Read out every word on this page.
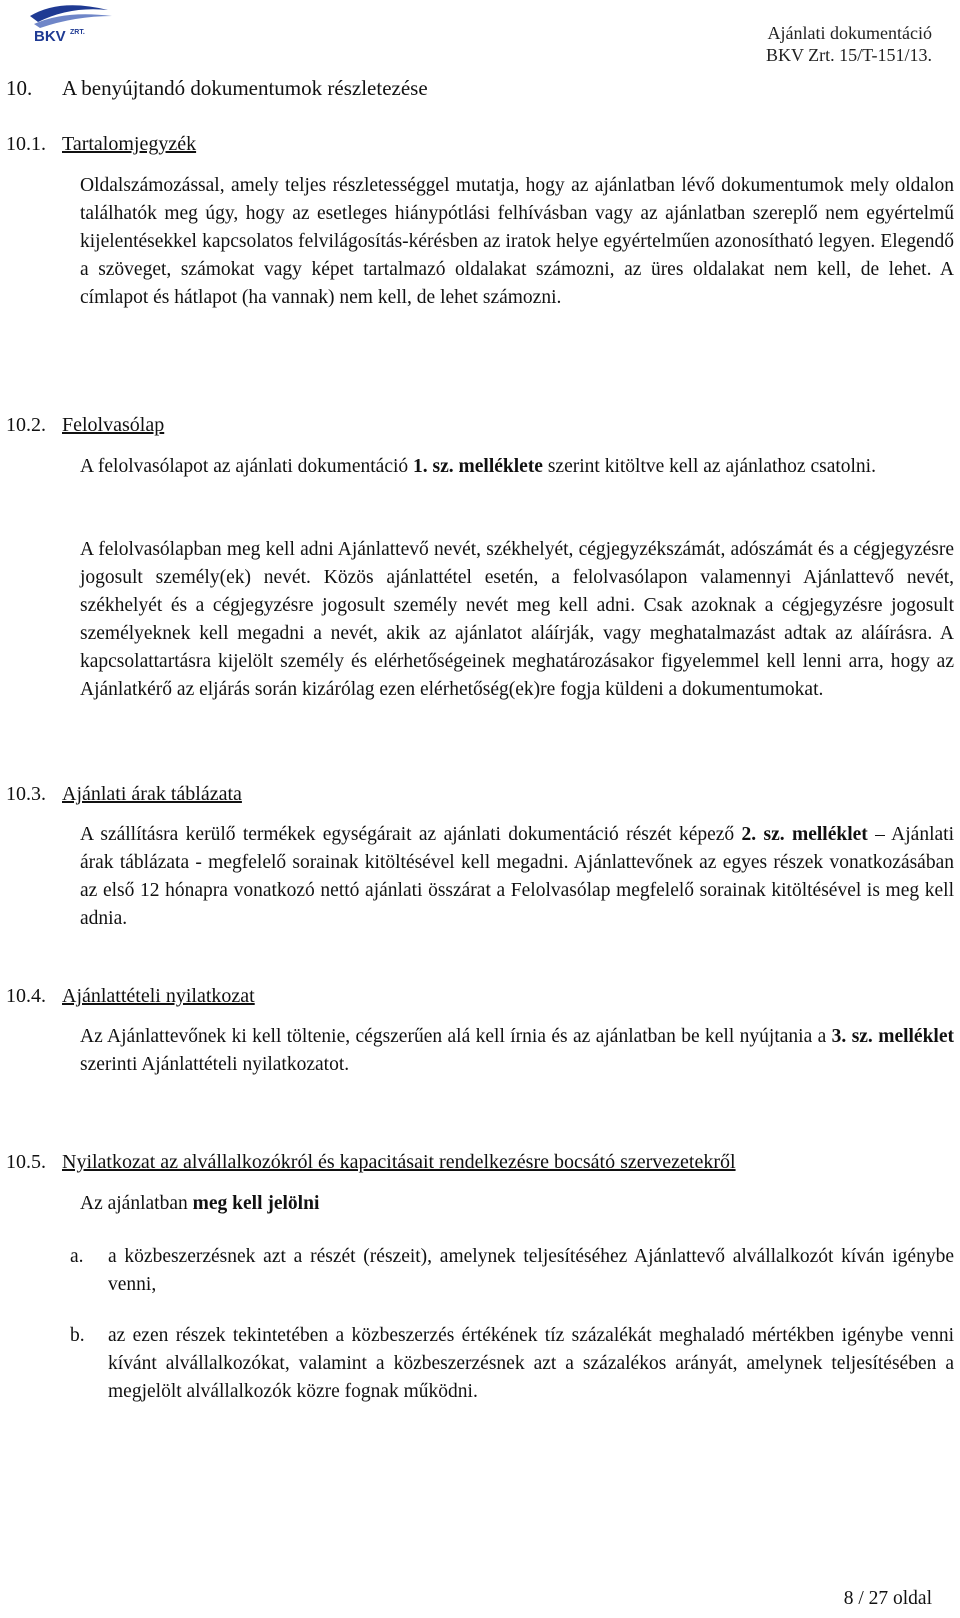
BKV ZRT.	Ajánlati dokumentáció
BKV Zrt. 15/T-151/13.
10. A benyújtandó dokumentumok részletezése
10.1. Tartalomjegyzék

Oldalszámozással, amely teljes részletességgel mutatja, hogy az ajánlatban lévő dokumentumok mely oldalon találhatók meg úgy, hogy az esetleges hiánypótlási felhívásban vagy az ajánlatban szereplő nem egyértelmű kijelentésekkel kapcsolatos felvilágosítás-kérésben az iratok helye egyértelműen azonosítható legyen. Elegendő a szöveget, számokat vagy képet tartalmazó oldalakat számozni, az üres oldalakat nem kell, de lehet. A címlapot és hátlapot (ha vannak) nem kell, de lehet számozni.

10.2. Felolvasólap

A felolvasólapot az ajánlati dokumentáció 1. sz. melléklete szerint kitöltve kell az ajánlathoz csatolni.

A felolvasólapban meg kell adni Ajánlattevő nevét, székhelyét, cégjegyzékszámát, adószámát és a cégjegyzésre jogosult személy(ek) nevét. Közös ajánlattétel esetén, a felolvasólapon valamennyi Ajánlattevő nevét, székhelyét és a cégjegyzésre jogosult személy nevét meg kell adni. Csak azoknak a cégjegyzésre jogosult személyeknek kell megadni a nevét, akik az ajánlatot aláírják, vagy meghatalmazást adtak az aláírásra. A kapcsolattartásra kijelölt személy és elérhetőségeinek meghatározásakor figyelemmel kell lenni arra, hogy az Ajánlatkérő az eljárás során kizárólag ezen elérhetőség(ek)re fogja küldeni a dokumentumokat.

10.3. Ajánlati árak táblázata

A szállításra kerülő termékek egységárait az ajánlati dokumentáció részét képező 2. sz. melléklet – Ajánlati árak táblázata - megfelelő sorainak kitöltésével kell megadni. Ajánlattevőnek az egyes részek vonatkozásában az első 12 hónapra vonatkozó nettó ajánlati összárat a Felolvasólap megfelelő sorainak kitöltésével is meg kell adnia.

10.4. Ajánlattételi nyilatkozat

Az Ajánlattevőnek ki kell töltenie, cégszerűen alá kell írnia és az ajánlatban be kell nyújtania a 3. sz. melléklet szerinti Ajánlattételi nyilatkozatot.

10.5. Nyilatkozat az alvállalkozókról és kapacitásait rendelkezésre bocsátó szervezetekről

Az ajánlatban meg kell jelölni

a. a közbeszerzésnek azt a részét (részeit), amelynek teljesítéséhez Ajánlattevő alvállalkozót kíván igénybe venni,
b. az ezen részek tekintetében a közbeszerzés értékének tíz százalékát meghaladó mértékben igénybe venni kívánt alvállalkozókat, valamint a közbeszerzésnek azt a százalékos arányát, amelynek teljesítésében a megjelölt alvállalkozók közre fognak működni.
8 / 27 oldal
